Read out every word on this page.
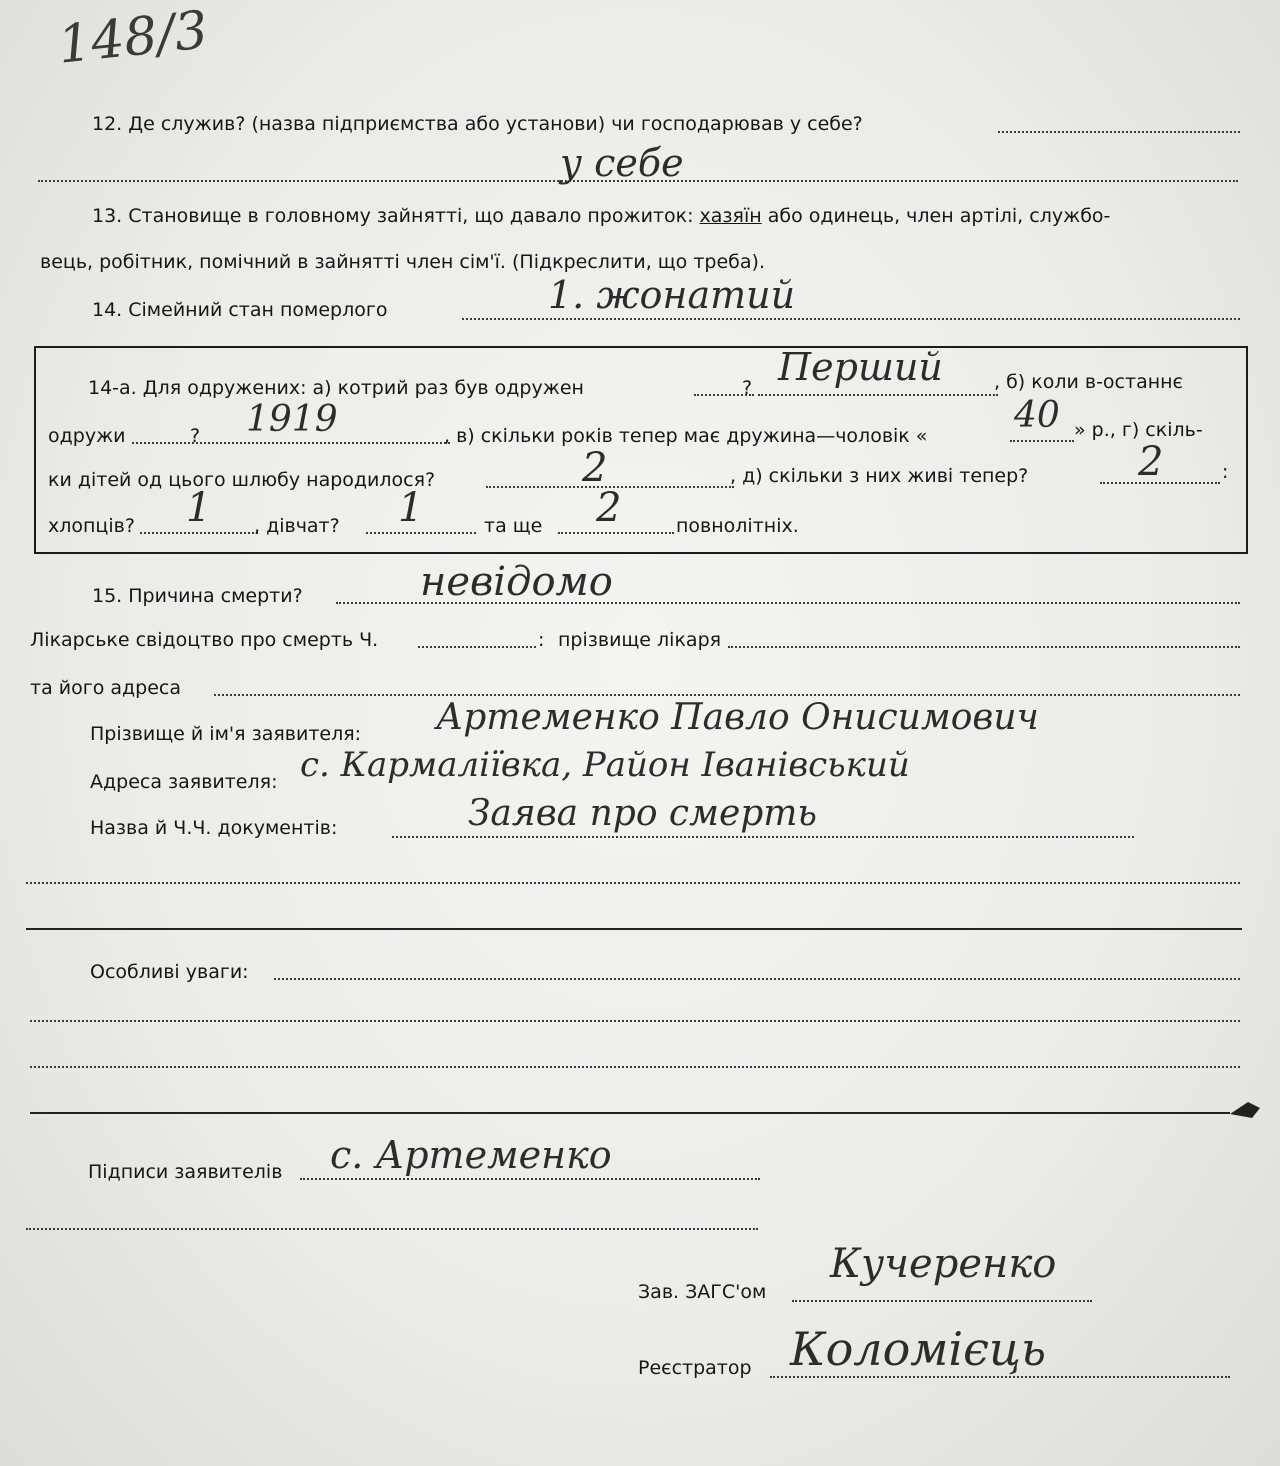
148/3
12. Де служив? (назва підприємства або установи) чи господарював у себе?
у себе
13. Становище в головному зайнятті, що давало прожиток: хазяїн або одинець, член артілі, службо-
вець, робітник, помічний в зайнятті член сім'ї. (Підкреслити, що треба).
14. Сімейний стан померлого	1. жонатий
14-а. Для одружених: а) котрий раз був одружен	? Перший	, б) коли в-останнє
одружи	? 1919	, в) скільки років тепер має дружина—чоловік « 40 » р., г) скіль-
ки дітей од цього шлюбу народилося?	2	, д) скільки з них живі тепер?	2	:
хлопців? 1 , дівчат? 1	та ще 2	повнолітніх.
15. Причина смерти?	невідомо
Лікарське свідоцтво про смерть Ч.	: прізвище лікаря
та його адреса
Прізвище й ім'я заявителя: Артеменко Павло Онисимович
Адреса заявителя: с. Кармаліївка, Район Іванівський
Назва й Ч.Ч. документів:	Заява про смерть
Особливі уваги:
Підписи заявителів с. Артеменко
Зав. ЗАГС'ом
Кучеренко
Реєстратор Коломієць
